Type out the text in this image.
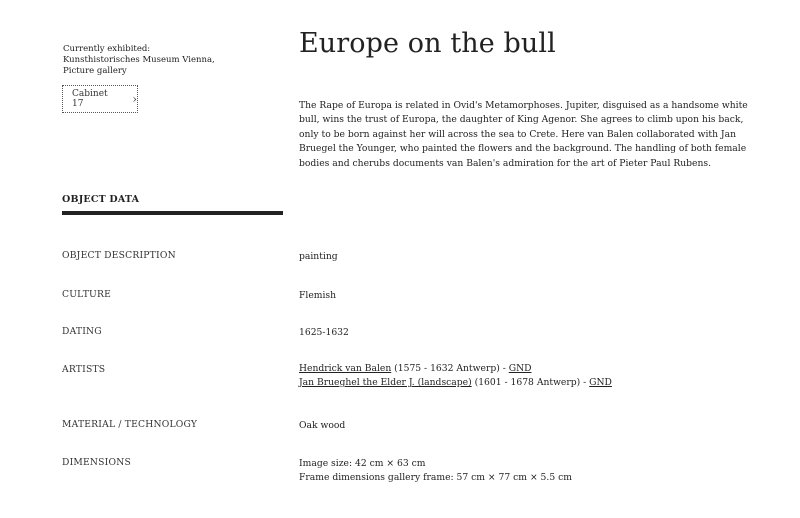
Currently exhibited:
Kunsthistorisches Museum Vienna,
Picture gallery
Cabinet 17	›
Europe on the bull

The Rape of Europa is related in Ovid's Metamorphoses. Jupiter, disguised as a handsome white bull, wins the trust of Europa, the daughter of King Agenor. She agrees to climb upon his back, only to be born against her will across the sea to Crete. Here van Balen collaborated with Jan Bruegel the Younger, who painted the flowers and the background. The handling of both female bodies and cherubs documents van Balen's admiration for the art of Pieter Paul Rubens.

OBJECT DATA
OBJECT DESCRIPTION	painting
CULTURE	Flemish
DATING	1625-1632
ARTISTS	Hendrick van Balen (1575 - 1632 Antwerp) - GND
Jan Brueghel the Elder J. (landscape) (1601 - 1678 Antwerp) - GND
MATERIAL / TECHNOLOGY	Oak wood
DIMENSIONS	Image size: 42 cm × 63 cm
Frame dimensions gallery frame: 57 cm × 77 cm × 5.5 cm
